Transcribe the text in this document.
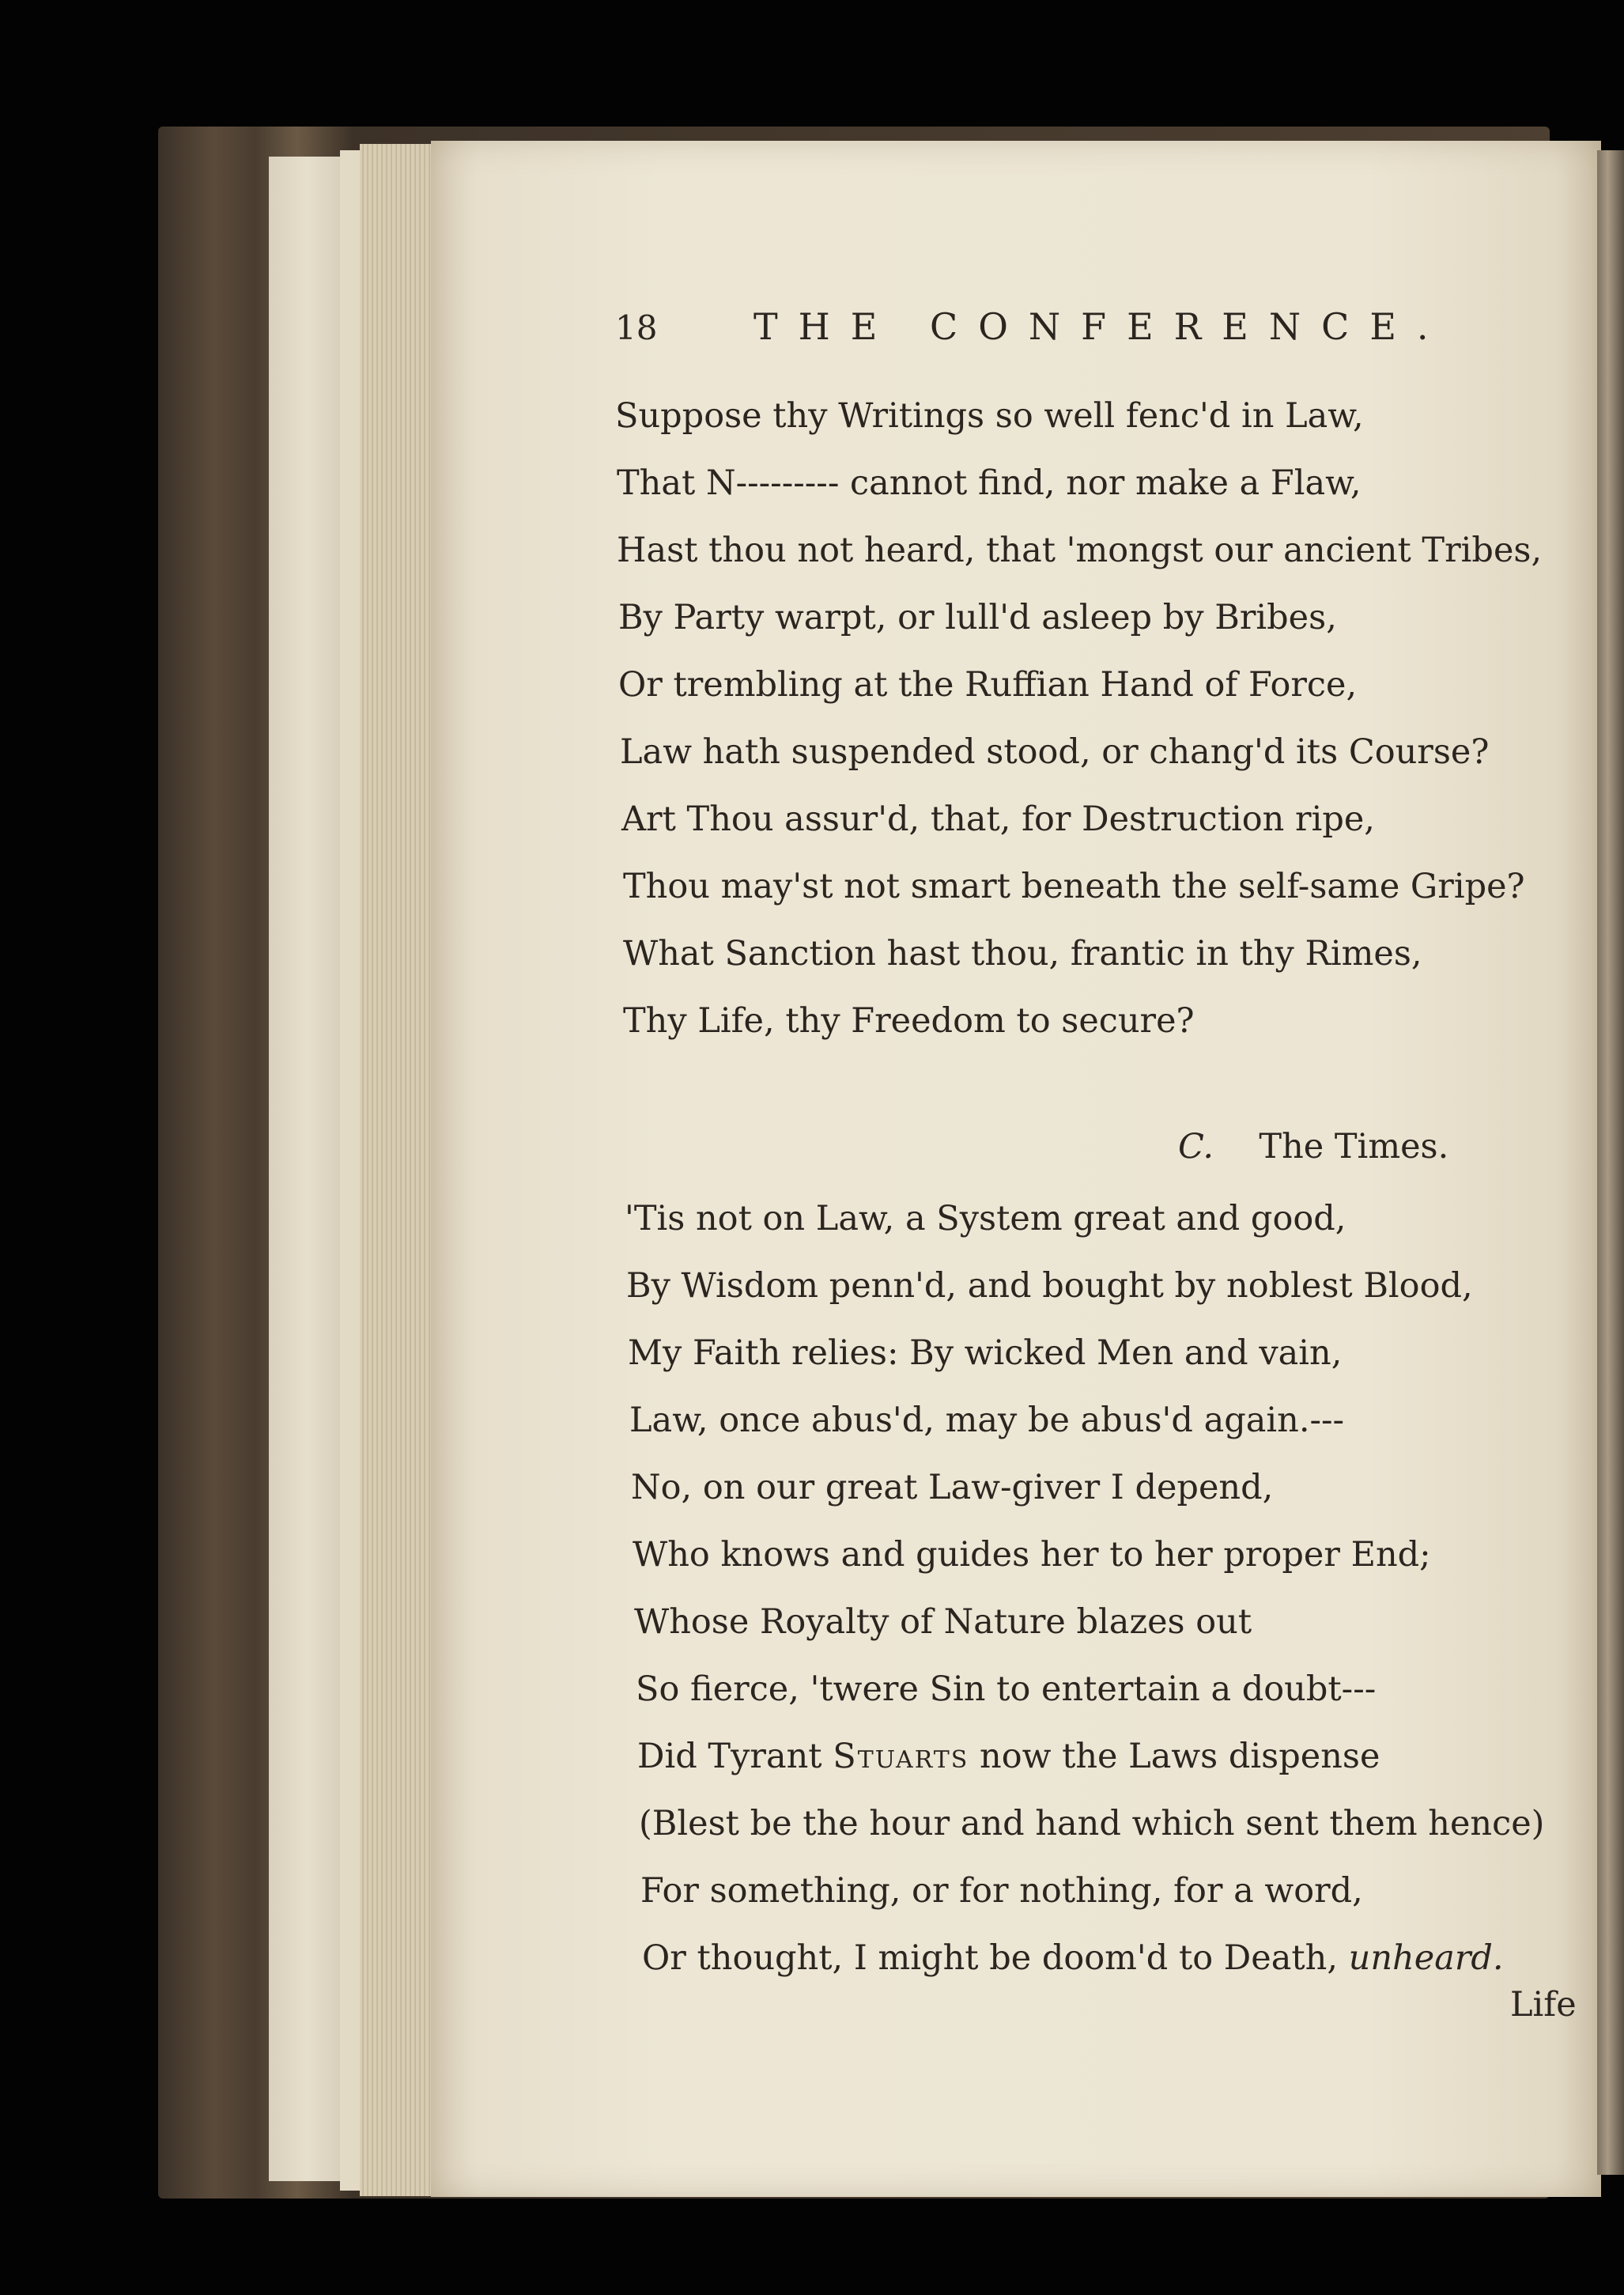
18	THE CONFERENCE.
Suppose thy Writings so well fenc'd in Law,
That N--------- cannot find, nor make a Flaw,
Hast thou not heard, that 'mongst our ancient Tribes,
By Party warpt, or lull'd asleep by Bribes,
Or trembling at the Ruffian Hand of Force,
Law hath suspended stood, or chang'd its Course?
Art Thou assur'd, that, for Destruction ripe,
Thou may'st not smart beneath the self-same Gripe?
What Sanction hast thou, frantic in thy Rimes,
Thy Life, thy Freedom to secure?
C. The Times.
'Tis not on Law, a System great and good,
By Wisdom penn'd, and bought by noblest Blood,
My Faith relies: By wicked Men and vain,
Law, once abus'd, may be abus'd again.---
No, on our great Law-giver I depend,
Who knows and guides her to her proper End;
Whose Royalty of Nature blazes out
So fierce, 'twere Sin to entertain a doubt---
Did Tyrant Stuarts now the Laws dispense
(Blest be the hour and hand which sent them hence)
For something, or for nothing, for a word,
Or thought, I might be doom'd to Death, unheard.
Life
